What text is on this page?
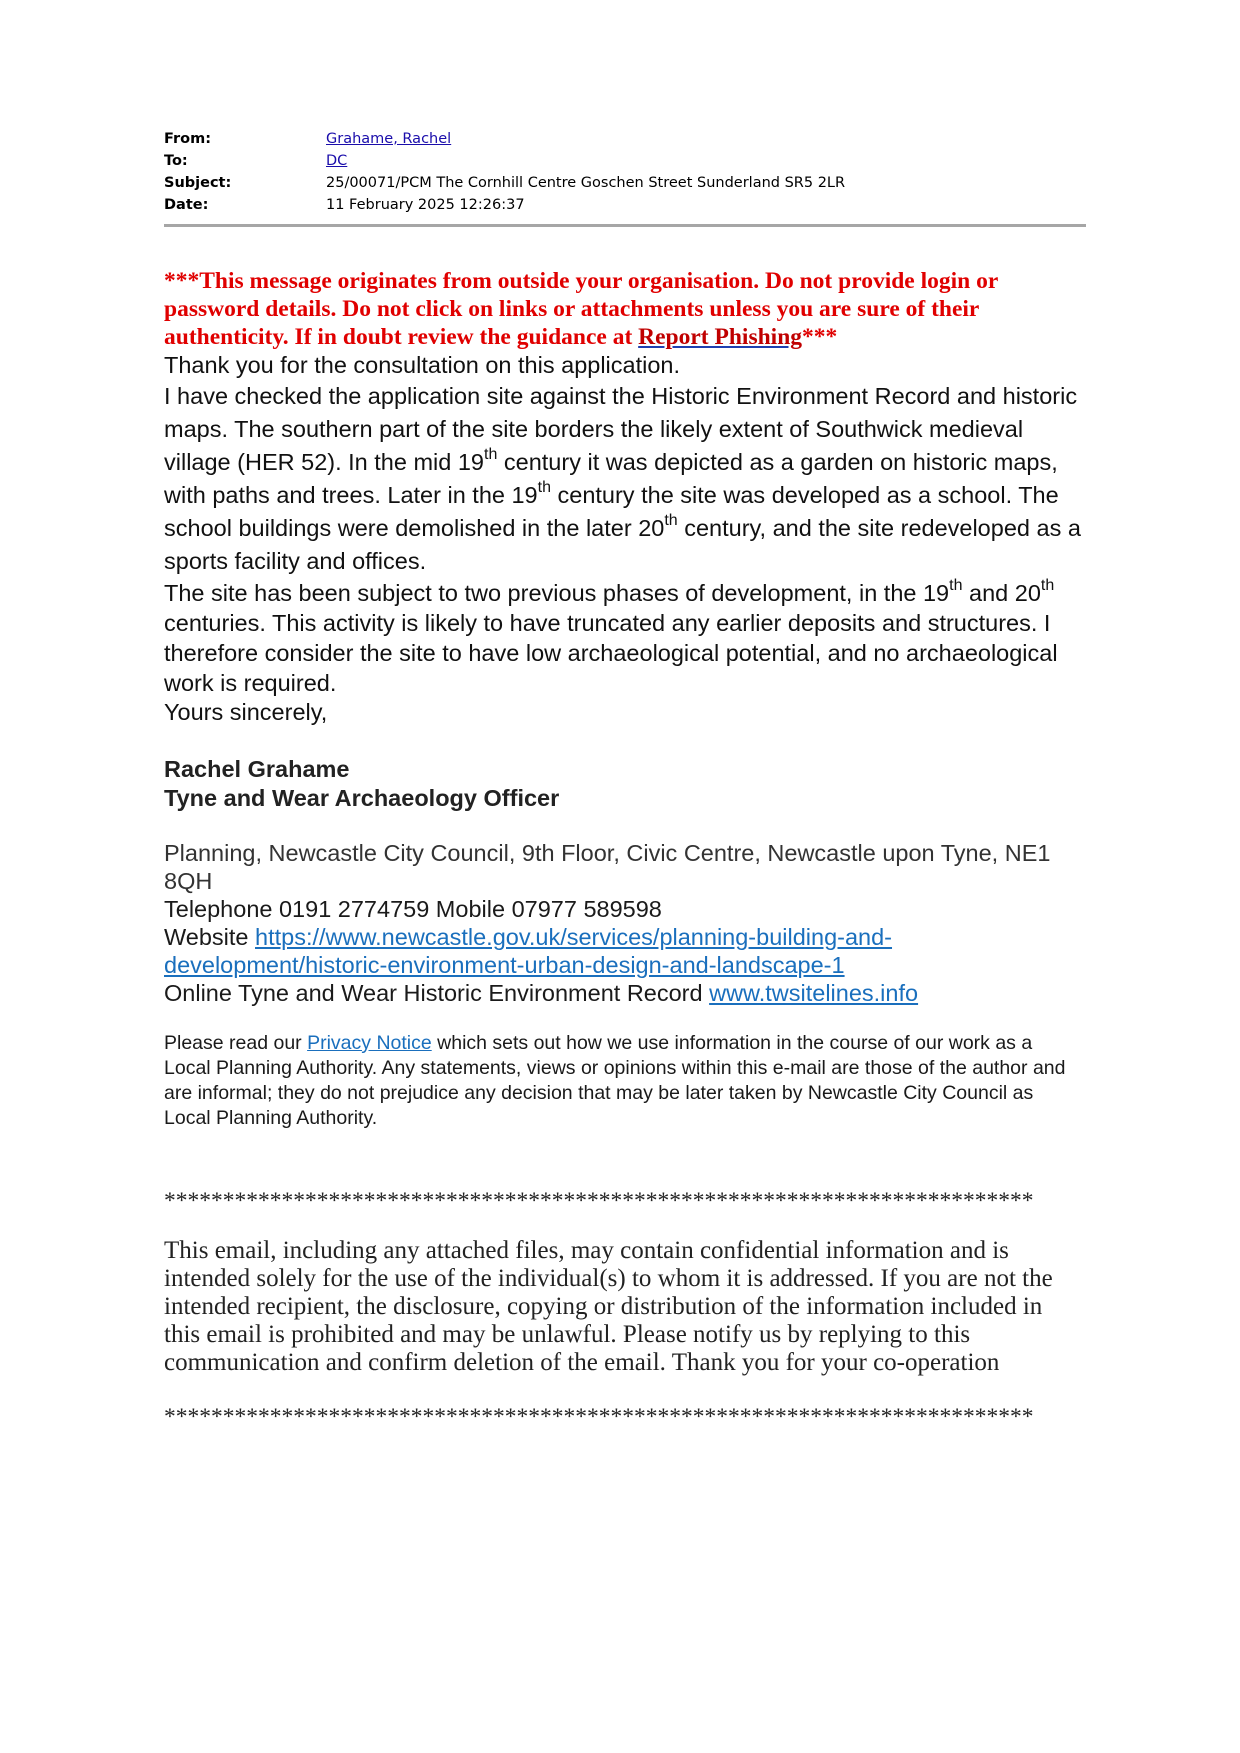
From:	Grahame, Rachel
To:	DC
Subject:	25/00071/PCM The Cornhill Centre Goschen Street Sunderland SR5 2LR
Date:	11 February 2025 12:26:37
***This message originates from outside your organisation. Do not provide login or password details. Do not click on links or attachments unless you are sure of their authenticity. If in doubt review the guidance at Report Phishing***

Thank you for the consultation on this application.

I have checked the application site against the Historic Environment Record and historic maps. The southern part of the site borders the likely extent of Southwick medieval village (HER 52). In the mid 19th century it was depicted as a garden on historic maps, with paths and trees. Later in the 19th century the site was developed as a school. The school buildings were demolished in the later 20th century, and the site redeveloped as a sports facility and offices.

The site has been subject to two previous phases of development, in the 19th and 20th centuries. This activity is likely to have truncated any earlier deposits and structures. I therefore consider the site to have low archaeological potential, and no archaeological work is required.

Yours sincerely,

Rachel Grahame
Tyne and Wear Archaeology Officer
Planning, Newcastle City Council, 9th Floor, Civic Centre, Newcastle upon Tyne, NE1 8QH
Telephone 0191 2774759 Mobile 07977 589598
Website https://www.newcastle.gov.uk/services/planning-building-and-development/historic-environment-urban-design-and-landscape-1
Online Tyne and Wear Historic Environment Record www.twsitelines.info
Please read our Privacy Notice which sets out how we use information in the course of our work as a Local Planning Authority. Any statements, views or opinions within this e-mail are those of the author and are informal; they do not prejudice any decision that may be later taken by Newcastle City Council as Local Planning Authority.
**************************************************************************
This email, including any attached files, may contain confidential information and is intended solely for the use of the individual(s) to whom it is addressed. If you are not the intended recipient, the disclosure, copying or distribution of the information included in this email is prohibited and may be unlawful. Please notify us by replying to this communication and confirm deletion of the email. Thank you for your co-operation
**************************************************************************
